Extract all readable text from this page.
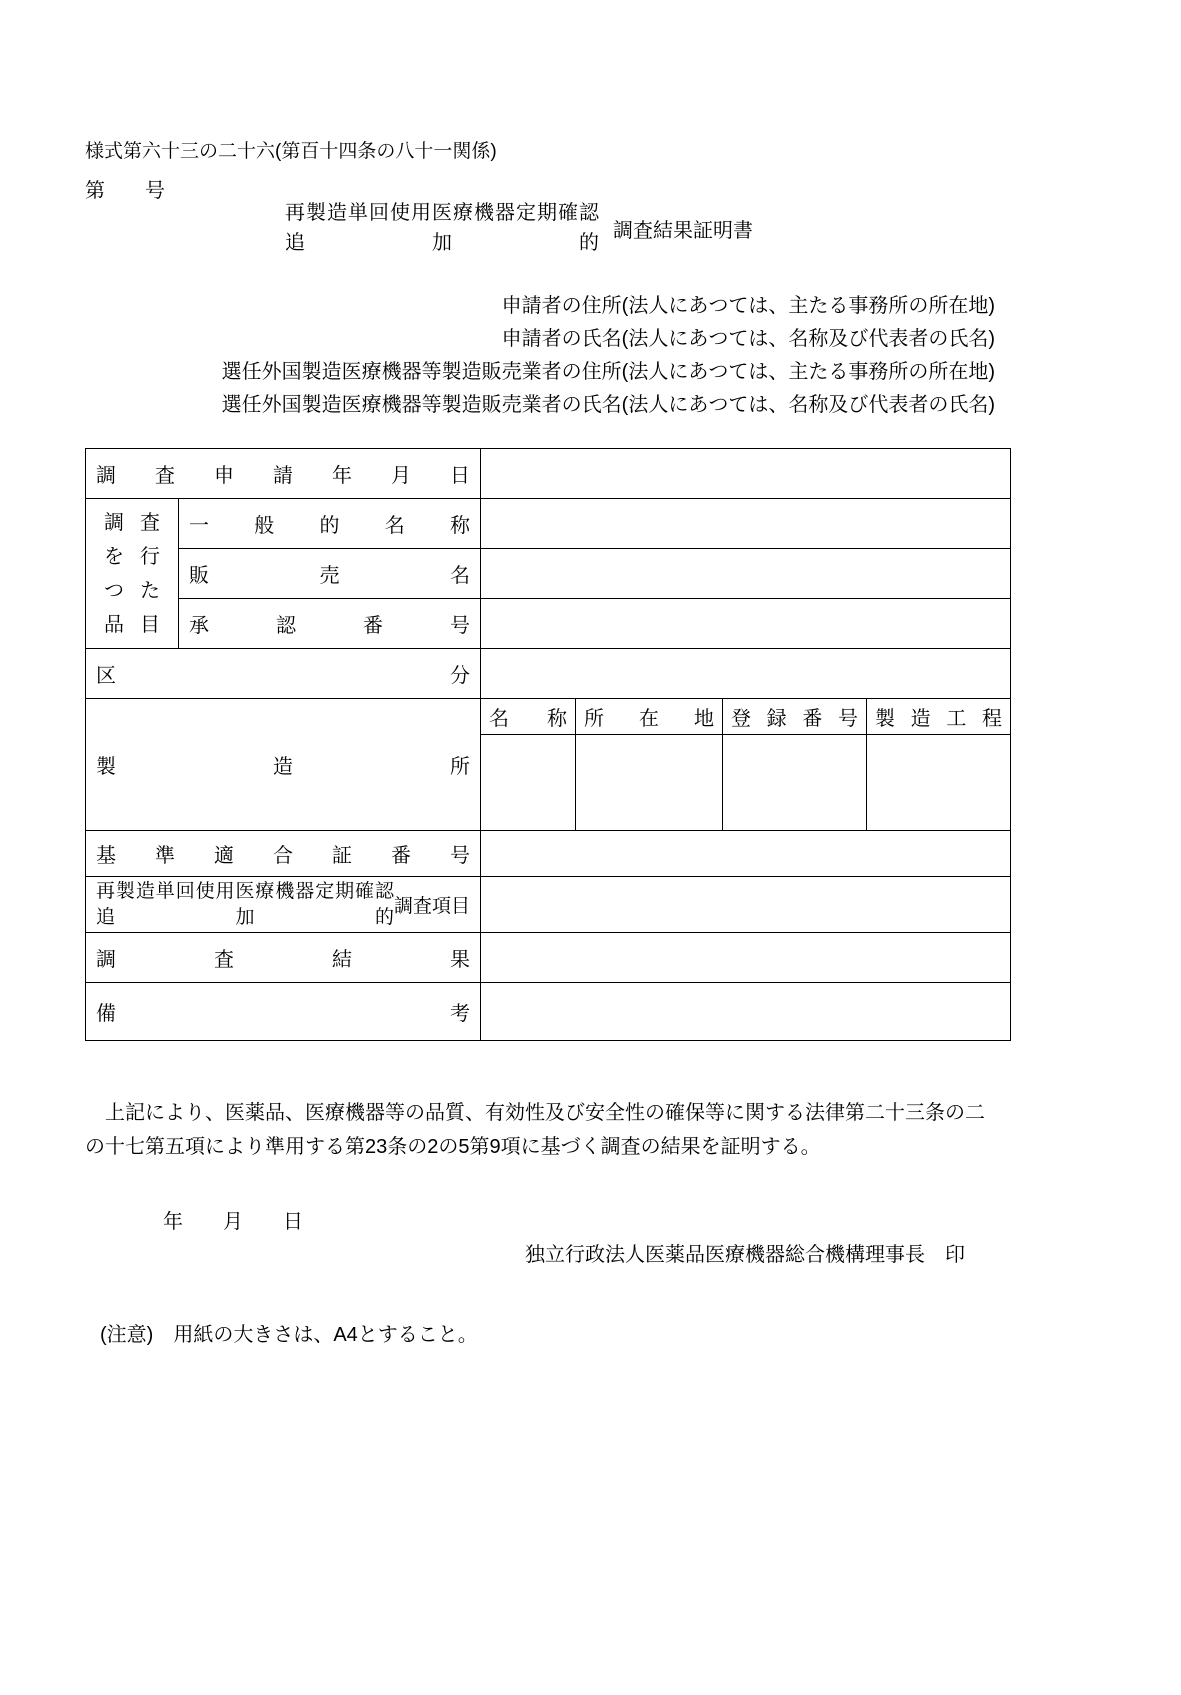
様式第六十三の二十六(第百十四条の八十一関係)
第　　号
再製造単回使用医療機器定期確認
追加的
調査結果証明書
申請者の住所(法人にあつては、主たる事務所の所在地)
申請者の氏名(法人にあつては、名称及び代表者の氏名)
選任外国製造医療機器等製造販売業者の住所(法人にあつては、主たる事務所の所在地)
選任外国製造医療機器等製造販売業者の氏名(法人にあつては、名称及び代表者の氏名)
調査申請年月日					

調査
を行
つた
品目	一般的名称				

	販売名				

	承認番号				

区分					

製造所		名称	所在地	登録番号	製造工程

基準適合証番号					

再製造単回使用医療機器定期確認
追加的 調査項目					

調査結果					

備考					

　上記により、医薬品、医療機器等の品質、有効性及び安全性の確保等に関する法律第二十三条の二の十七第五項により準用する第23条の2の5第9項に基づく調査の結果を証明する。
年　　月　　日
独立行政法人医薬品医療機器総合機構理事長　印
(注意)　用紙の大きさは、A4とすること。
